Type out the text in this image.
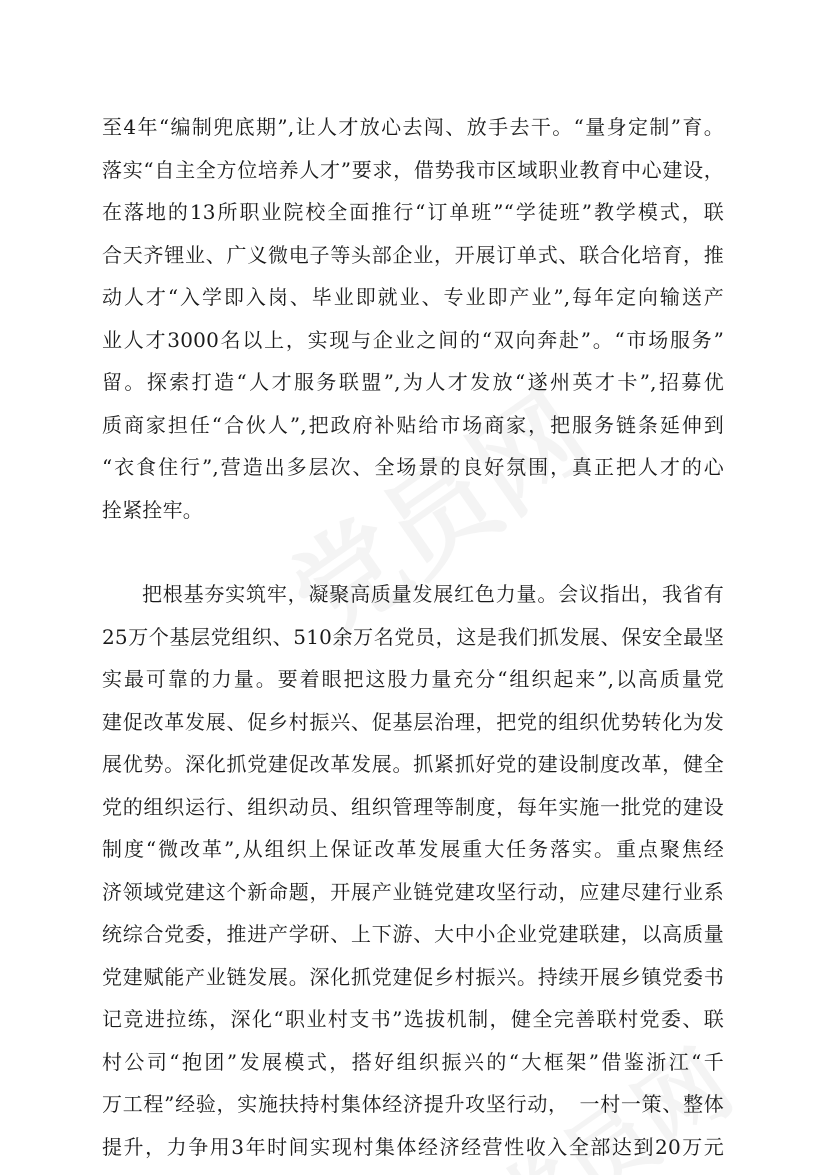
至4年“编制兜底期”,让人才放心去闯、放手去干。“量身定制”育。
落实“自主全方位培养人才”要求，借势我市区域职业教育中心建设，
在落地的13所职业院校全面推行“订单班”“学徒班”教学模式，联
合天齐锂业、广义微电子等头部企业，开展订单式、联合化培育，推
动人才“入学即入岗、毕业即就业、专业即产业”,每年定向输送产
业人才3000名以上，实现与企业之间的“双向奔赴”。“市场服务”
留。探索打造“人才服务联盟”,为人才发放“遂州英才卡”,招募优
质商家担任“合伙人”,把政府补贴给市场商家，把服务链条延伸到
“衣食住行”,营造出多层次、全场景的良好氛围，真正把人才的心
拴紧拴牢。
把根基夯实筑牢，凝聚高质量发展红色力量。会议指出，我省有
25万个基层党组织、510余万名党员，这是我们抓发展、保安全最坚
实最可靠的力量。要着眼把这股力量充分“组织起来”,以高质量党
建促改革发展、促乡村振兴、促基层治理，把党的组织优势转化为发
展优势。深化抓党建促改革发展。抓紧抓好党的建设制度改革，健全
党的组织运行、组织动员、组织管理等制度，每年实施一批党的建设
制度“微改革”,从组织上保证改革发展重大任务落实。重点聚焦经
济领域党建这个新命题，开展产业链党建攻坚行动，应建尽建行业系
统综合党委，推进产学研、上下游、大中小企业党建联建，以高质量
党建赋能产业链发展。深化抓党建促乡村振兴。持续开展乡镇党委书
记竞进拉练，深化“职业村支书”选拔机制，健全完善联村党委、联
村公司“抱团”发展模式，搭好组织振兴的“大框架”借鉴浙江“千
万工程”经验，实施扶持村集体经济提升攻坚行动，　一村一策、整体
提升，力争用3年时间实现村集体经济经营性收入全部达到20万元
